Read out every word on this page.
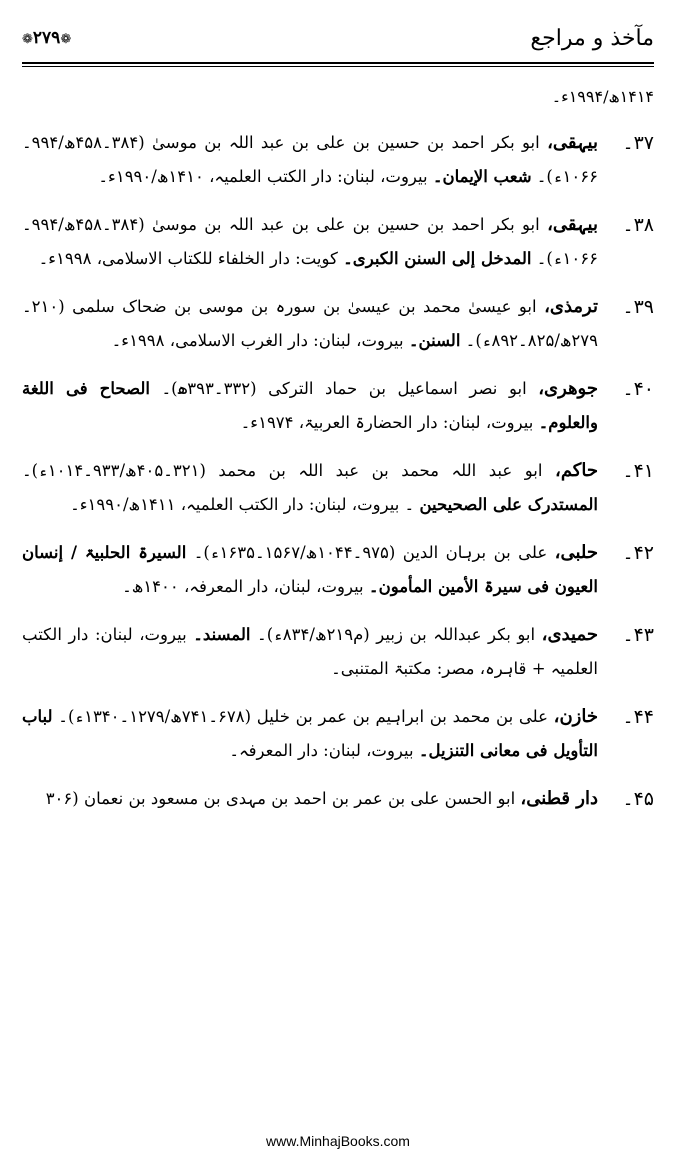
مآخذ و مراجع
❁۲۷۹❁
۱۴۱۴ھ/۱۹۹۴ء۔
۳۷۔
بیہقی، ابو بکر احمد بن حسین بن علی بن عبد اللہ بن موسیٰ (۳۸۴۔۴۵۸ھ/۹۹۴۔۱۰۶۶ء)۔ شعب الإیمان۔ بیروت، لبنان: دار الکتب العلمیہ، ۱۴۱۰ھ/۱۹۹۰ء۔
۳۸۔
بیہقی، ابو بکر احمد بن حسین بن علی بن عبد اللہ بن موسیٰ (۳۸۴۔۴۵۸ھ/۹۹۴۔۱۰۶۶ء)۔ المدخل إلی السنن الکبری۔ کویت: دار الخلفاء للکتاب الاسلامی، ۱۹۹۸ء۔
۳۹۔
ترمذی، ابو عیسیٰ محمد بن عیسیٰ بن سورہ بن موسی بن ضحاک سلمی (۲۱۰۔۲۷۹ھ/۸۲۵۔۸۹۲ء)۔ السنن۔ بیروت، لبنان: دار الغرب الاسلامی، ۱۹۹۸ء۔
۴۰۔
جوھری، ابو نصر اسماعیل بن حماد الترکی (۳۳۲۔۳۹۳ھ)۔ الصحاح فی اللغة والعلوم۔ بیروت، لبنان: دار الحضارۃ العربیۃ، ۱۹۷۴ء۔
۴۱۔
حاکم، ابو عبد اللہ محمد بن عبد اللہ بن محمد (۳۲۱۔۴۰۵ھ/۹۳۳۔۱۰۱۴ء)۔ المستدرک علی الصحیحین ۔ بیروت، لبنان: دار الکتب العلمیہ، ۱۴۱۱ھ/۱۹۹۰ء۔
۴۲۔
حلبی، علی بن برہان الدین (۹۷۵۔۱۰۴۴ھ/۱۵۶۷۔۱۶۳۵ء)۔ السیرۃ الحلبیۃ / إنسان العیون فی سیرۃ الأمین المأمون۔ بیروت، لبنان، دار المعرفہ، ۱۴۰۰ھ۔
۴۳۔
حمیدی، ابو بکر عبداللہ بن زبیر (م۲۱۹ھ/۸۳۴ء)۔ المسند۔ بیروت، لبنان: دار الکتب العلمیہ + قاہرہ، مصر: مکتبۃ المتنبی۔
۴۴۔
خازن، علی بن محمد بن ابراہیم بن عمر بن خلیل (۶۷۸۔۷۴۱ھ/۱۲۷۹۔۱۳۴۰ء)۔ لباب التأویل فی معانی التنزیل۔ بیروت، لبنان: دار المعرفہ۔
۴۵۔
دار قطنی، ابو الحسن علی بن عمر بن احمد بن مہدی بن مسعود بن نعمان (۳۰۶
www.MinhajBooks.com
